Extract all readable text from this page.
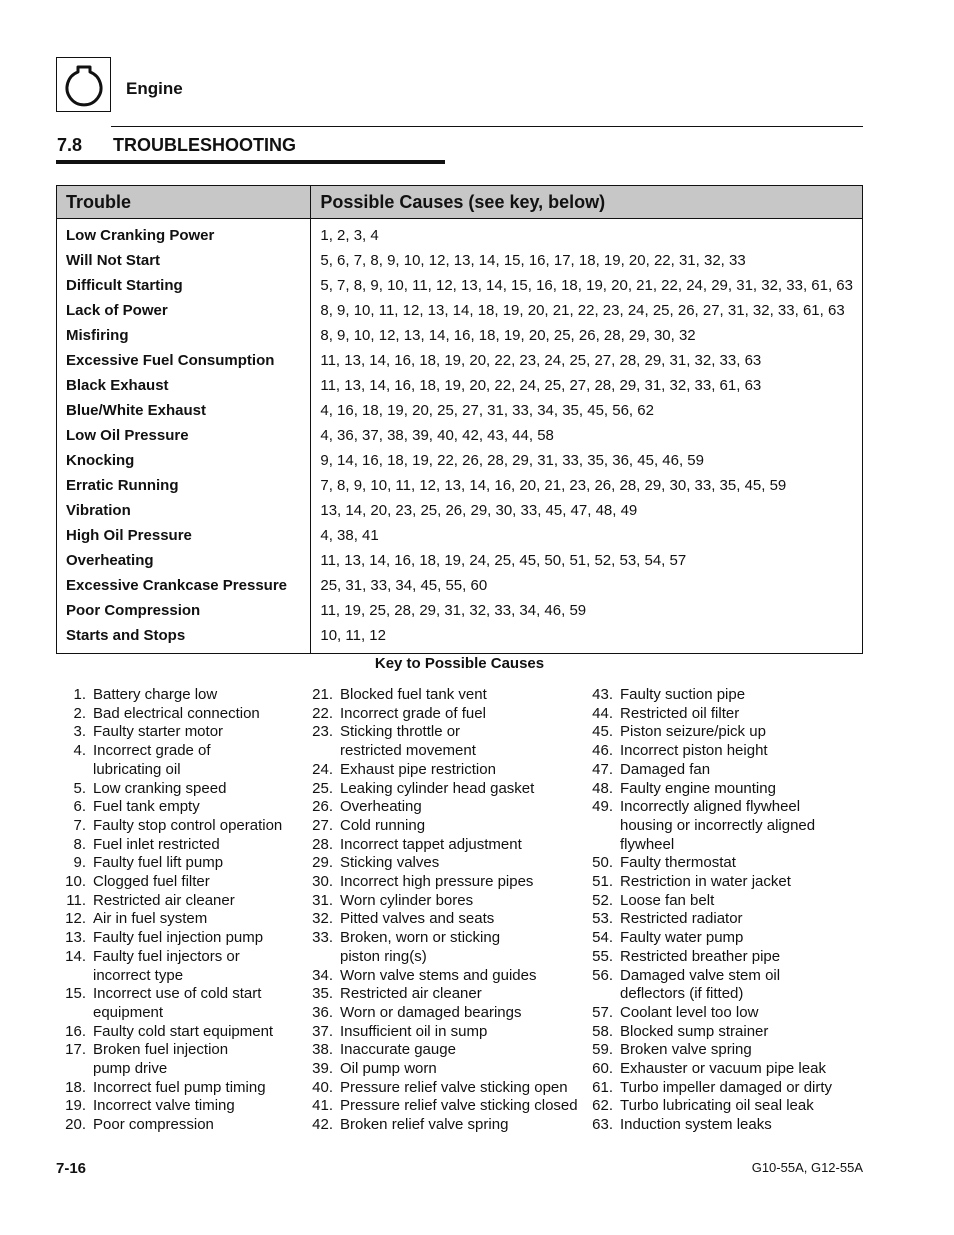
Engine
7.8 TROUBLESHOOTING
Trouble	Possible Causes (see key, below)
Low Cranking Power	1, 2, 3, 4
Will Not Start	5, 6, 7, 8, 9, 10, 12, 13, 14, 15, 16, 17, 18, 19, 20, 22, 31, 32, 33
Difficult Starting	5, 7, 8, 9, 10, 11, 12, 13, 14, 15, 16, 18, 19, 20, 21, 22, 24, 29, 31, 32, 33, 61, 63
Lack of Power	8, 9, 10, 11, 12, 13, 14, 18, 19, 20, 21, 22, 23, 24, 25, 26, 27, 31, 32, 33, 61, 63
Misfiring	8, 9, 10, 12, 13, 14, 16, 18, 19, 20, 25, 26, 28, 29, 30, 32
Excessive Fuel Consumption	11, 13, 14, 16, 18, 19, 20, 22, 23, 24, 25, 27, 28, 29, 31, 32, 33, 63
Black Exhaust	11, 13, 14, 16, 18, 19, 20, 22, 24, 25, 27, 28, 29, 31, 32, 33, 61, 63
Blue/White Exhaust	4, 16, 18, 19, 20, 25, 27, 31, 33, 34, 35, 45, 56, 62
Low Oil Pressure	4, 36, 37, 38, 39, 40, 42, 43, 44, 58
Knocking	9, 14, 16, 18, 19, 22, 26, 28, 29, 31, 33, 35, 36, 45, 46, 59
Erratic Running	7, 8, 9, 10, 11, 12, 13, 14, 16, 20, 21, 23, 26, 28, 29, 30, 33, 35, 45, 59
Vibration	13, 14, 20, 23, 25, 26, 29, 30, 33, 45, 47, 48, 49
High Oil Pressure	4, 38, 41
Overheating	11, 13, 14, 16, 18, 19, 24, 25, 45, 50, 51, 52, 53, 54, 57
Excessive Crankcase Pressure	25, 31, 33, 34, 45, 55, 60
Poor Compression	11, 19, 25, 28, 29, 31, 32, 33, 34, 46, 59
Starts and Stops	10, 11, 12
Key to Possible Causes
1. Battery charge low
2. Bad electrical connection
3. Faulty starter motor
4. Incorrect grade of
lubricating oil
5. Low cranking speed
6. Fuel tank empty
7. Faulty stop control operation
8. Fuel inlet restricted
9. Faulty fuel lift pump
10. Clogged fuel filter
11. Restricted air cleaner
12. Air in fuel system
13. Faulty fuel injection pump
14. Faulty fuel injectors or
incorrect type
15. Incorrect use of cold start
equipment
16. Faulty cold start equipment
17. Broken fuel injection
pump drive
18. Incorrect fuel pump timing
19. Incorrect valve timing
20. Poor compression
21. Blocked fuel tank vent
22. Incorrect grade of fuel
23. Sticking throttle or
restricted movement
24. Exhaust pipe restriction
25. Leaking cylinder head gasket
26. Overheating
27. Cold running
28. Incorrect tappet adjustment
29. Sticking valves
30. Incorrect high pressure pipes
31. Worn cylinder bores
32. Pitted valves and seats
33. Broken, worn or sticking
piston ring(s)
34. Worn valve stems and guides
35. Restricted air cleaner
36. Worn or damaged bearings
37. Insufficient oil in sump
38. Inaccurate gauge
39. Oil pump worn
40. Pressure relief valve sticking open
41. Pressure relief valve sticking closed
42. Broken relief valve spring
43. Faulty suction pipe
44. Restricted oil filter
45. Piston seizure/pick up
46. Incorrect piston height
47. Damaged fan
48. Faulty engine mounting
49. Incorrectly aligned flywheel
housing or incorrectly aligned
flywheel
50. Faulty thermostat
51. Restriction in water jacket
52. Loose fan belt
53. Restricted radiator
54. Faulty water pump
55. Restricted breather pipe
56. Damaged valve stem oil
deflectors (if fitted)
57. Coolant level too low
58. Blocked sump strainer
59. Broken valve spring
60. Exhauster or vacuum pipe leak
61. Turbo impeller damaged or dirty
62. Turbo lubricating oil seal leak
63. Induction system leaks
7-16	G10-55A, G12-55A
